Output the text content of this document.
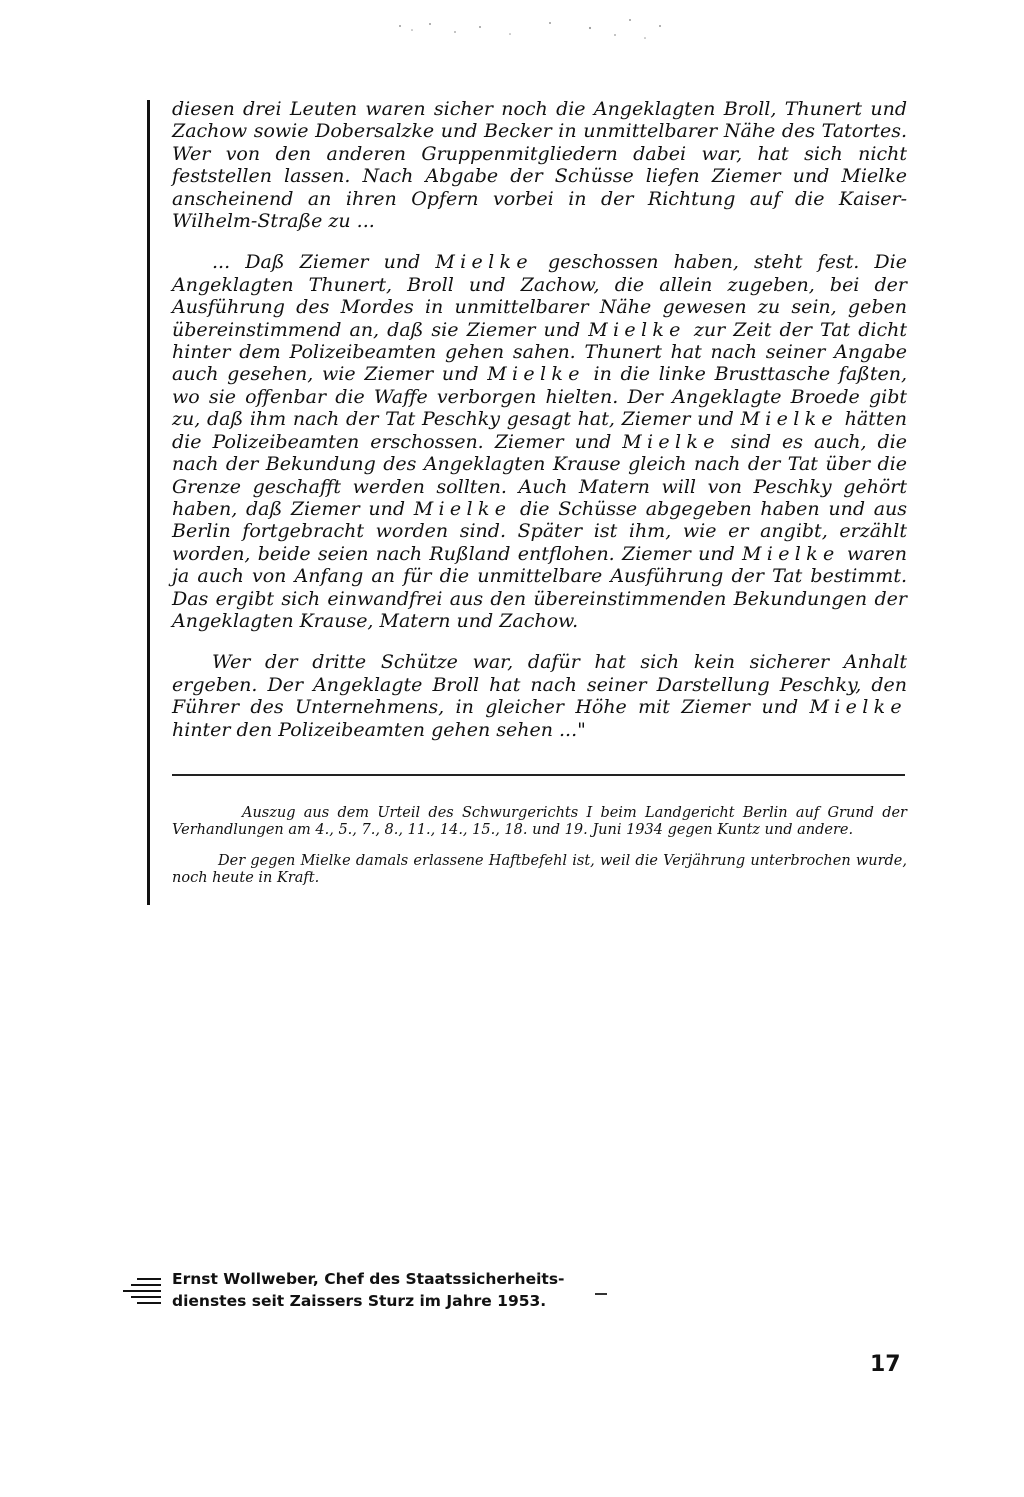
diesen drei Leuten waren sicher noch die Angeklagten Broll, Thunert und Zachow sowie Dobersalzke und Becker in unmittelbarer Nähe des Tatortes. Wer von den anderen Gruppenmitgliedern dabei war, hat sich nicht feststellen lassen. Nach Abgabe der Schüsse liefen Ziemer und Mielke anscheinend an ihren Opfern vorbei in der Richtung auf die Kaiser-Wilhelm-Straße zu ...

... Daß Ziemer und Mielke geschossen haben, steht fest. Die Angeklagten Thunert, Broll und Zachow, die allein zugeben, bei der Ausführung des Mordes in unmittelbarer Nähe gewesen zu sein, geben übereinstimmend an, daß sie Ziemer und Mielke zur Zeit der Tat dicht hinter dem Polizeibeamten gehen sahen. Thunert hat nach seiner Angabe auch gesehen, wie Ziemer und Mielke in die linke Brusttasche faßten, wo sie offenbar die Waffe verborgen hielten. Der Angeklagte Broede gibt zu, daß ihm nach der Tat Peschky gesagt hat, Ziemer und Mielke hätten die Polizeibeamten erschossen. Ziemer und Mielke sind es auch, die nach der Bekundung des Angeklagten Krause gleich nach der Tat über die Grenze geschafft werden sollten. Auch Matern will von Peschky gehört haben, daß Ziemer und Mielke die Schüsse abgegeben haben und aus Berlin fortgebracht worden sind. Später ist ihm, wie er angibt, erzählt worden, beide seien nach Rußland entflohen. Ziemer und Mielke waren ja auch von Anfang an für die unmittelbare Ausführung der Tat bestimmt. Das ergibt sich einwandfrei aus den übereinstimmenden Bekundungen der Angeklagten Krause, Matern und Zachow.

Wer der dritte Schütze war, dafür hat sich kein sicherer Anhalt ergeben. Der Angeklagte Broll hat nach seiner Darstellung Peschky, den Führer des Unternehmens, in gleicher Höhe mit Ziemer und Mielke hinter den Polizeibeamten gehen sehen ..."

Auszug aus dem Urteil des Schwurgerichts I beim Landgericht Berlin auf Grund der Verhandlungen am 4., 5., 7., 8., 11., 14., 15., 18. und 19. Juni 1934 gegen Kuntz und andere.

Der gegen Mielke damals erlassene Haftbefehl ist, weil die Verjährung unterbrochen wurde, noch heute in Kraft.

Ernst Wollweber, Chef des Staatssicherheits-
dienstes seit Zaissers Sturz im Jahre 1953.
17
